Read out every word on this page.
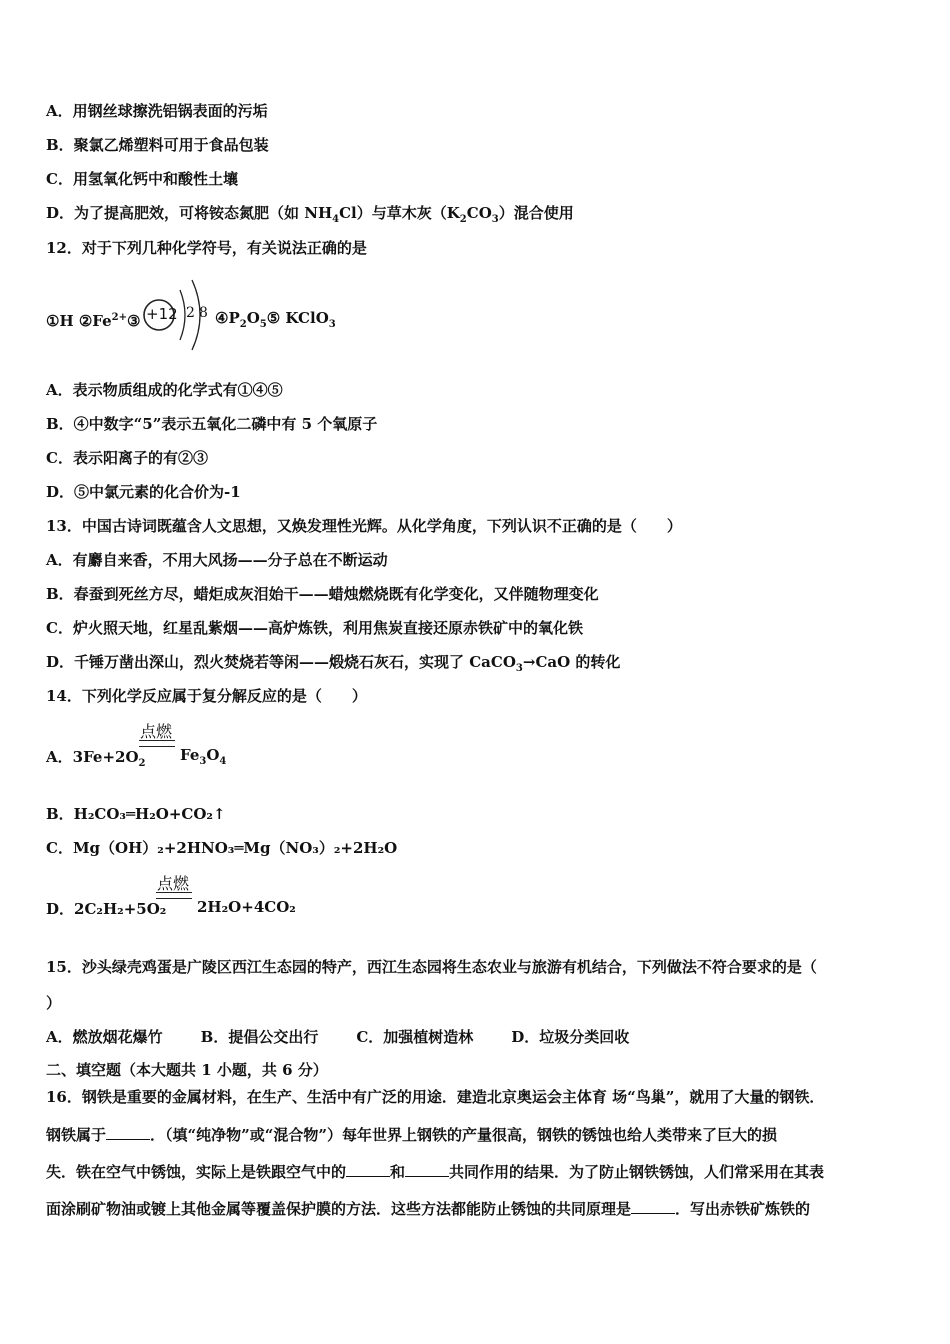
A．用钢丝球擦洗铝锅表面的污垢
B．聚氯乙烯塑料可用于食品包装
C．用氢氧化钙中和酸性土壤
D．为了提高肥效，可将铵态氮肥（如 $NH_4Cl$）与草木灰$(K_2CO_3)$混合使用
12．对于下列几种化学符号，有关说法正确的是
①H $②Fe^{2+}③ +12$ 2 8 $④P_2O_5⑤$ KClO$_3$
A．表示物质组成的化学式有①④⑤
B．④中数字“5”表示五氧化二磷中有 5 个氧原子
C．表示阳离子的有②③
D．⑤中氯元素的化合价为-1
13．中国古诗词既蕴含人文思想，又焕发理性光辉。从化学角度，下列认识不正确的是（　　）
A．有麝自来香，不用大风扬——分子总在不断运动
B．春蚕到死丝方尽，蜡炬成灰泪始干——蜡烛燃烧既有化学变化，又伴随物理变化
C．炉火照天地，红星乱紫烟——高炉炼铁，利用焦炭直接还原赤铁矿中的氧化铁
D．千锤万凿出深山，烈火焚烧若等闲——煅烧石灰石，实现了 CaCO$_3$→CaO 的转化
14．下列化学反应属于复分解反应的是（　　）
A．$3Fe+2O_2$
点燃
$Fe_3O_4$
B．H₂CO₃═H₂O+CO₂↑
C．Mg（OH）₂+2HNO₃═Mg（NO₃）₂+2H₂O
D．2C₂H₂+5O₂
点燃
2H₂O+4CO₂
15．沙头绿壳鸡蛋是广陵区西江生态园的特产，西江生态园将生态农业与旅游有机结合，下列做法不符合要求的是（
）
A．燃放烟花爆竹	B．提倡公交出行	C．加强植树造林	D．垃圾分类回收
二、填空题（本大题共 1 小题，共 6 分）
16．钢铁是重要的金属材料，在生产、生活中有广泛的用途．建造北京奥运会主体育 场“鸟巢”，就用了大量的钢铁．
钢铁属于	．（填“纯净物”或“混合物”）每年世界上钢铁的产量很高，钢铁的锈蚀也给人类带来了巨大的损
失．铁在空气中锈蚀，实际上是铁跟空气中的	和	共同作用的结果．为了防止钢铁锈蚀，人们常采用在其表
面涂刷矿物油或镀上其他金属等覆盖保护膜的方法．这些方法都能防止锈蚀的共同原理是	．写出赤铁矿炼铁的
